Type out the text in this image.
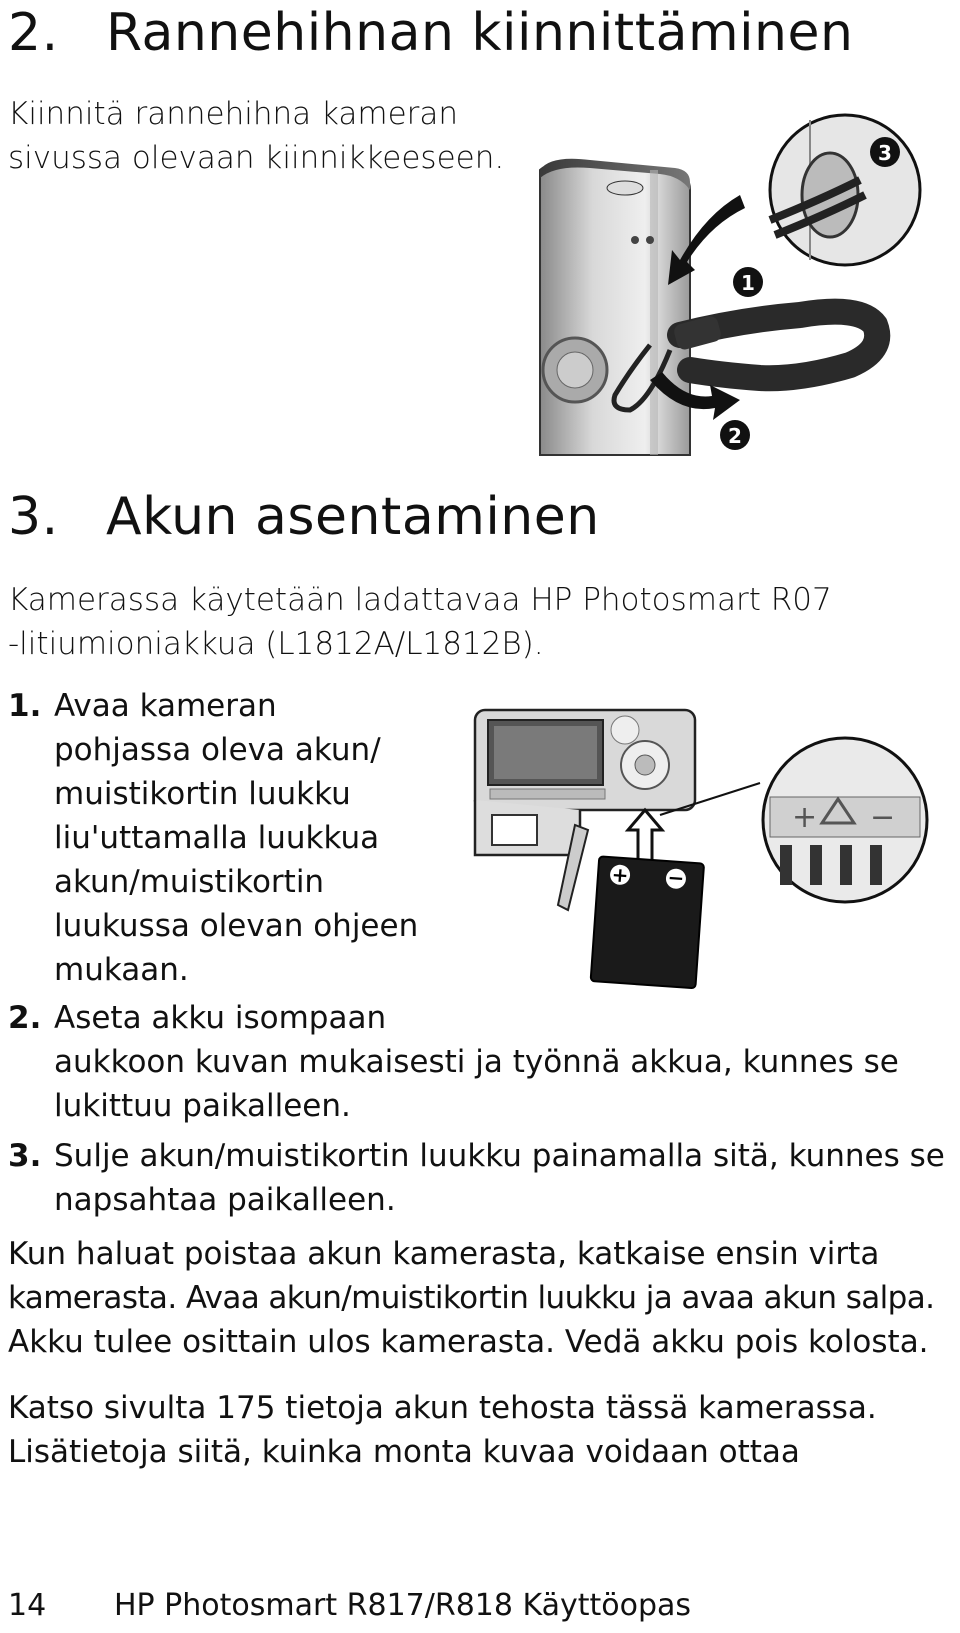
2. Rannehihnan kiinnittäminen
Kiinnitä rannehihna kameran
sivussa olevaan kiinnikkeeseen.
1
2
3
3. Akun asentaminen
Kamerassa käytetään ladattavaa HP Photosmart R07
-litiumioniakkua (L1812A/L1812B).
1. Avaa kameran
pohjassa oleva akun/
muistikortin luukku
liu'uttamalla luukkua
akun/muistikortin
luukussa olevan ohjeen
mukaan.
+ −
+ −
2. Aseta akku isompaan
aukkoon kuvan mukaisesti ja työnnä akkua, kunnes se
lukittuu paikalleen.
3. Sulje akun/muistikortin luukku painamalla sitä, kunnes se
napsahtaa paikalleen.
Kun haluat poistaa akun kamerasta, katkaise ensin virta
kamerasta. Avaa akun/muistikortin luukku ja avaa akun salpa.
Akku tulee osittain ulos kamerasta. Vedä akku pois kolosta.
Katso sivulta 175 tietoja akun tehosta tässä kamerassa.
Lisätietoja siitä, kuinka monta kuvaa voidaan ottaa
14 HP Photosmart R817/R818 Käyttöopas
